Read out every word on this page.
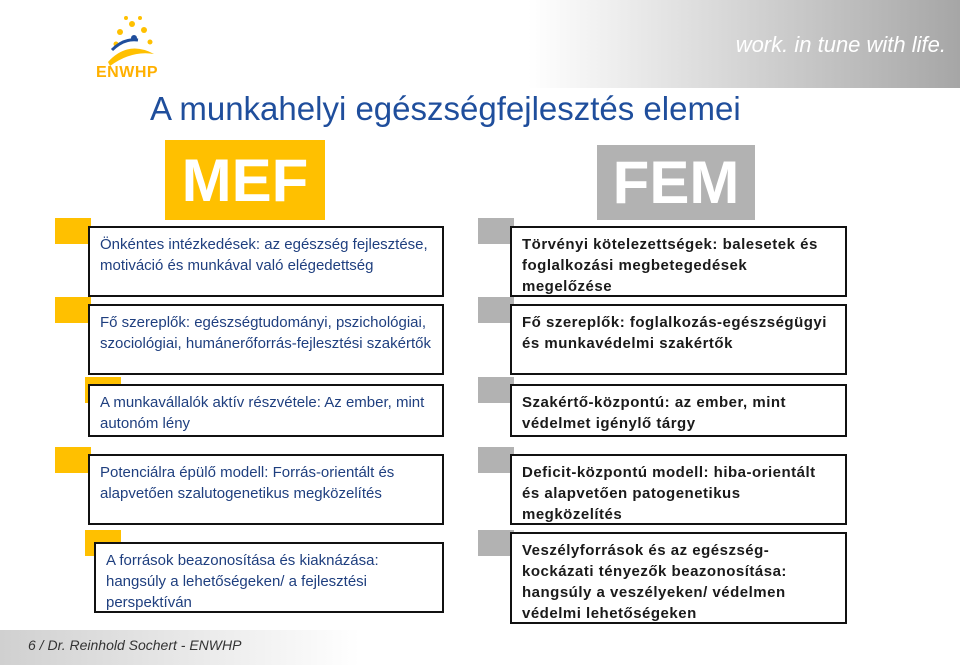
work. in tune with life.
ENWHP
A munkahelyi egészségfejlesztés elemei
MEF	FEM
Önkéntes intézkedések: az egészség fejlesztése, motiváció és munkával való elégedettség
Fő szereplők: egészségtudományi, pszichológiai, szociológiai, humánerőforrás-fejlesztési szakértők
A munkavállalók aktív részvétele: Az ember, mint autonóm lény
Potenciálra épülő modell: Forrás-orientált és alapvetően szalutogenetikus megközelítés
A források beazonosítása és kiaknázása: hangsúly a lehetőségeken/ a fejlesztési perspektíván
Törvényi kötelezettségek: balesetek és foglalkozási megbetegedések megelőzése
Fő szereplők: foglalkozás-egészségügyi és munkavédelmi szakértők
Szakértő-központú: az ember, mint védelmet igénylő tárgy
Deficit-központú modell: hiba-orientált és alapvetően patogenetikus megközelítés
Veszélyforrások és az egészség-kockázati tényezők beazonosítása: hangsúly a veszélyeken/ védelmen védelmi lehetőségeken
6 / Dr. Reinhold Sochert - ENWHP
